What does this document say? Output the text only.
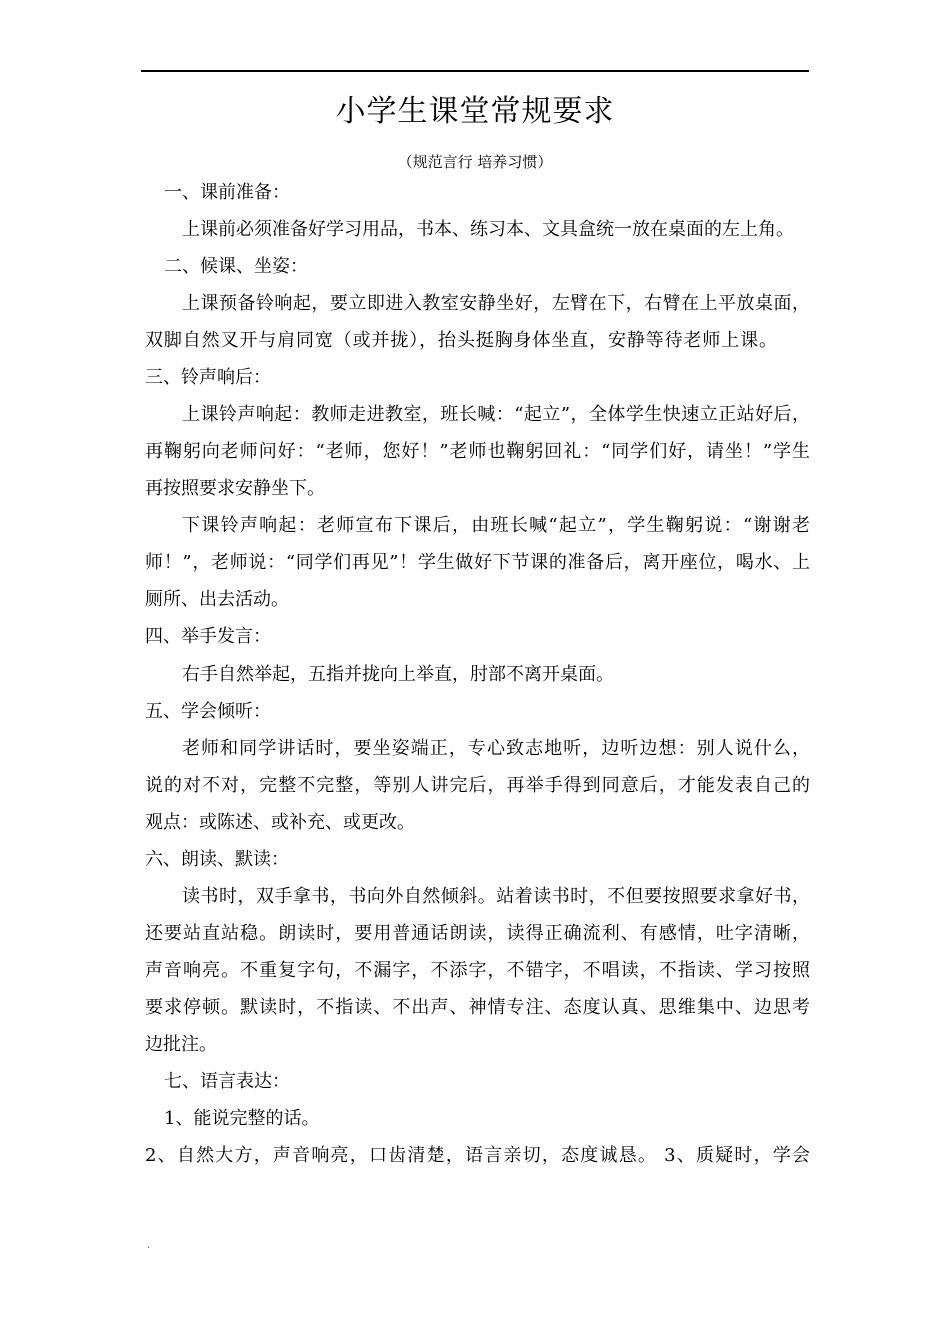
小学生课堂常规要求
（规范言行 培养习惯）
一、课前准备：
上课前必须准备好学习用品，书本、练习本、文具盒统一放在桌面的左上角。
二、候课、坐姿：
上课预备铃响起，要立即进入教室安静坐好，左臂在下，右臂在上平放桌面，
双脚自然叉开与肩同宽（或并拢），抬头挺胸身体坐直，安静等待老师上课。
三、铃声响后：
上课铃声响起：教师走进教室，班长喊：“起立”，全体学生快速立正站好后，
再鞠躬向老师问好：“老师，您好！”老师也鞠躬回礼：“同学们好，请坐！”学生
再按照要求安静坐下。
下课铃声响起：老师宣布下课后，由班长喊“起立”，学生鞠躬说：“谢谢老
师！”，老师说：“同学们再见”！学生做好下节课的准备后，离开座位，喝水、上
厕所、出去活动。
四、举手发言：
右手自然举起，五指并拢向上举直，肘部不离开桌面。
五、学会倾听：
老师和同学讲话时，要坐姿端正，专心致志地听，边听边想：别人说什么，
说的对不对，完整不完整，等别人讲完后，再举手得到同意后，才能发表自己的
观点：或陈述、或补充、或更改。
六、朗读、默读：
读书时，双手拿书，书向外自然倾斜。站着读书时，不但要按照要求拿好书，
还要站直站稳。朗读时，要用普通话朗读，读得正确流利、有感情，吐字清晰，
声音响亮。不重复字句，不漏字，不添字，不错字，不唱读，不指读、学习按照
要求停顿。默读时，不指读、不出声、神情专注、态度认真、思维集中、边思考
边批注。
七、语言表达：
1、能说完整的话。
2、自然大方，声音响亮，口齿清楚，语言亲切，态度诚恳。 3、质疑时，学会
.
